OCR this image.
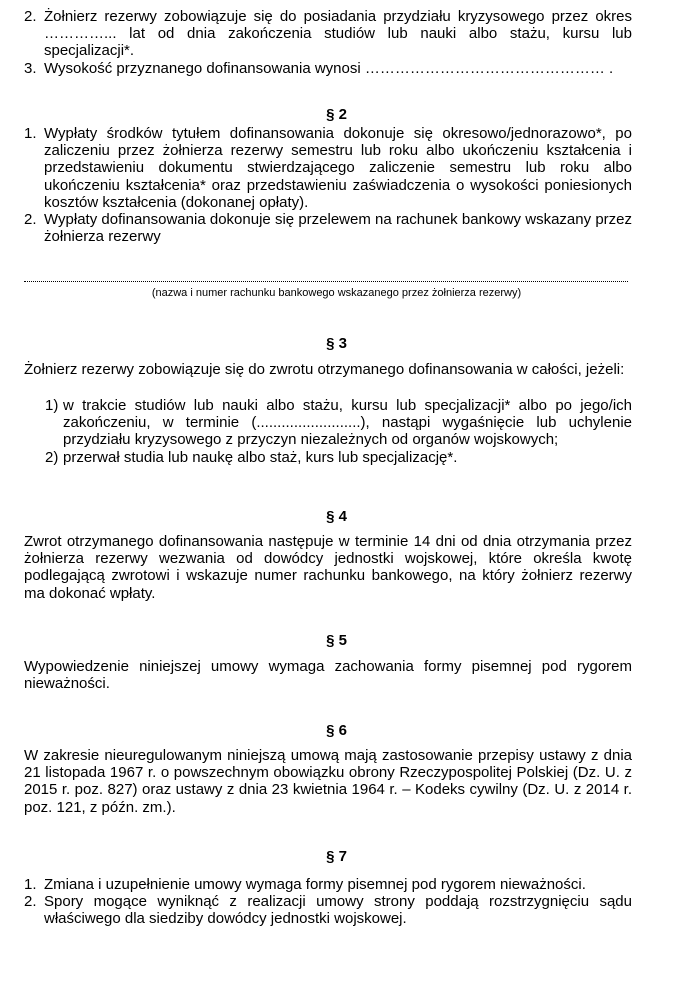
2. Żołnierz rezerwy zobowiązuje się do posiadania przydziału kryzysowego przez okres …………... lat od dnia zakończenia studiów lub nauki albo stażu, kursu lub specjalizacji*.
3. Wysokość przyznanego dofinansowania wynosi ………………………………………… .

§ 2

1. Wypłaty środków tytułem dofinansowania dokonuje się okresowo/jednorazowo*, po zaliczeniu przez żołnierza rezerwy semestru lub roku albo ukończeniu kształcenia i przedstawieniu dokumentu stwierdzającego zaliczenie semestru lub roku albo ukończeniu kształcenia* oraz przedstawieniu zaświadczenia o wysokości poniesionych kosztów kształcenia (dokonanej opłaty).
2. Wypłaty dofinansowania dokonuje się przelewem na rachunek bankowy wskazany przez żołnierza rezerwy

(nazwa i numer rachunku bankowego wskazanego przez żołnierza rezerwy)

§ 3

Żołnierz rezerwy zobowiązuje się do zwrotu otrzymanego dofinansowania w całości, jeżeli:

1) w trakcie studiów lub nauki albo stażu, kursu lub specjalizacji* albo po jego/ich zakończeniu, w terminie (.........................), nastąpi wygaśnięcie lub uchylenie przydziału kryzysowego z przyczyn niezależnych od organów wojskowych;
2) przerwał studia lub naukę albo staż, kurs lub specjalizację*.

§ 4

Zwrot otrzymanego dofinansowania następuje w terminie 14 dni od dnia otrzymania przez żołnierza rezerwy wezwania od dowódcy jednostki wojskowej, które określa kwotę podlegającą zwrotowi i wskazuje numer rachunku bankowego, na który żołnierz rezerwy ma dokonać wpłaty.

§ 5

Wypowiedzenie niniejszej umowy wymaga zachowania formy pisemnej pod rygorem nieważności.

§ 6

W zakresie nieuregulowanym niniejszą umową mają zastosowanie przepisy ustawy z dnia 21 listopada 1967 r. o powszechnym obowiązku obrony Rzeczypospolitej Polskiej (Dz. U. z 2015 r. poz. 827) oraz ustawy z dnia 23 kwietnia 1964 r. – Kodeks cywilny (Dz. U. z 2014 r. poz. 121, z późn. zm.).

§ 7

1. Zmiana i uzupełnienie umowy wymaga formy pisemnej pod rygorem nieważności.
2. Spory mogące wyniknąć z realizacji umowy strony poddają rozstrzygnięciu sądu właściwego dla siedziby dowódcy jednostki wojskowej.
